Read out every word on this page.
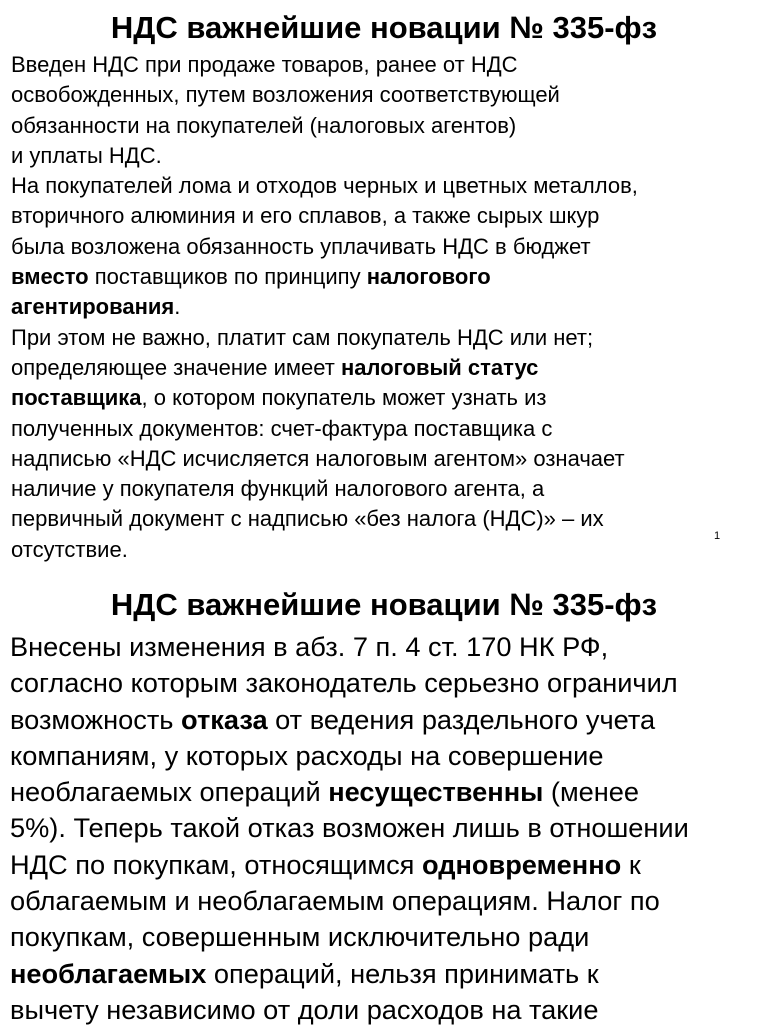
НДС важнейшие новации № 335-фз
Введен НДС при продаже товаров, ранее от НДС
освобожденных, путем возложения соответствующей
обязанности на покупателей (налоговых агентов)
и уплаты НДС.
На покупателей лома и отходов черных и цветных металлов,
вторичного алюминия и его сплавов, а также сырых шкур
была возложена обязанность уплачивать НДС в бюджет
вместо поставщиков по принципу налогового
агентирования.
При этом не важно, платит сам покупатель НДС или нет;
определяющее значение имеет налоговый статус
поставщика, о котором покупатель может узнать из
полученных документов: счет-фактура поставщика с
надписью «НДС исчисляется налоговым агентом» означает
наличие у покупателя функций налогового агента, а
первичный документ с надписью «без налога (НДС)» – их
отсутствие.
1
НДС важнейшие новации № 335-фз
Внесены изменения в абз. 7 п. 4 ст. 170 НК РФ,
согласно которым законодатель серьезно ограничил
возможность отказа от ведения раздельного учета
компаниям, у которых расходы на совершение
необлагаемых операций несущественны (менее
5%). Теперь такой отказ возможен лишь в отношении
НДС по покупкам, относящимся одновременно к
облагаемым и необлагаемым операциям. Налог по
покупкам, совершенным исключительно ради
необлагаемых операций, нельзя принимать к
вычету независимо от доли расходов на такие
